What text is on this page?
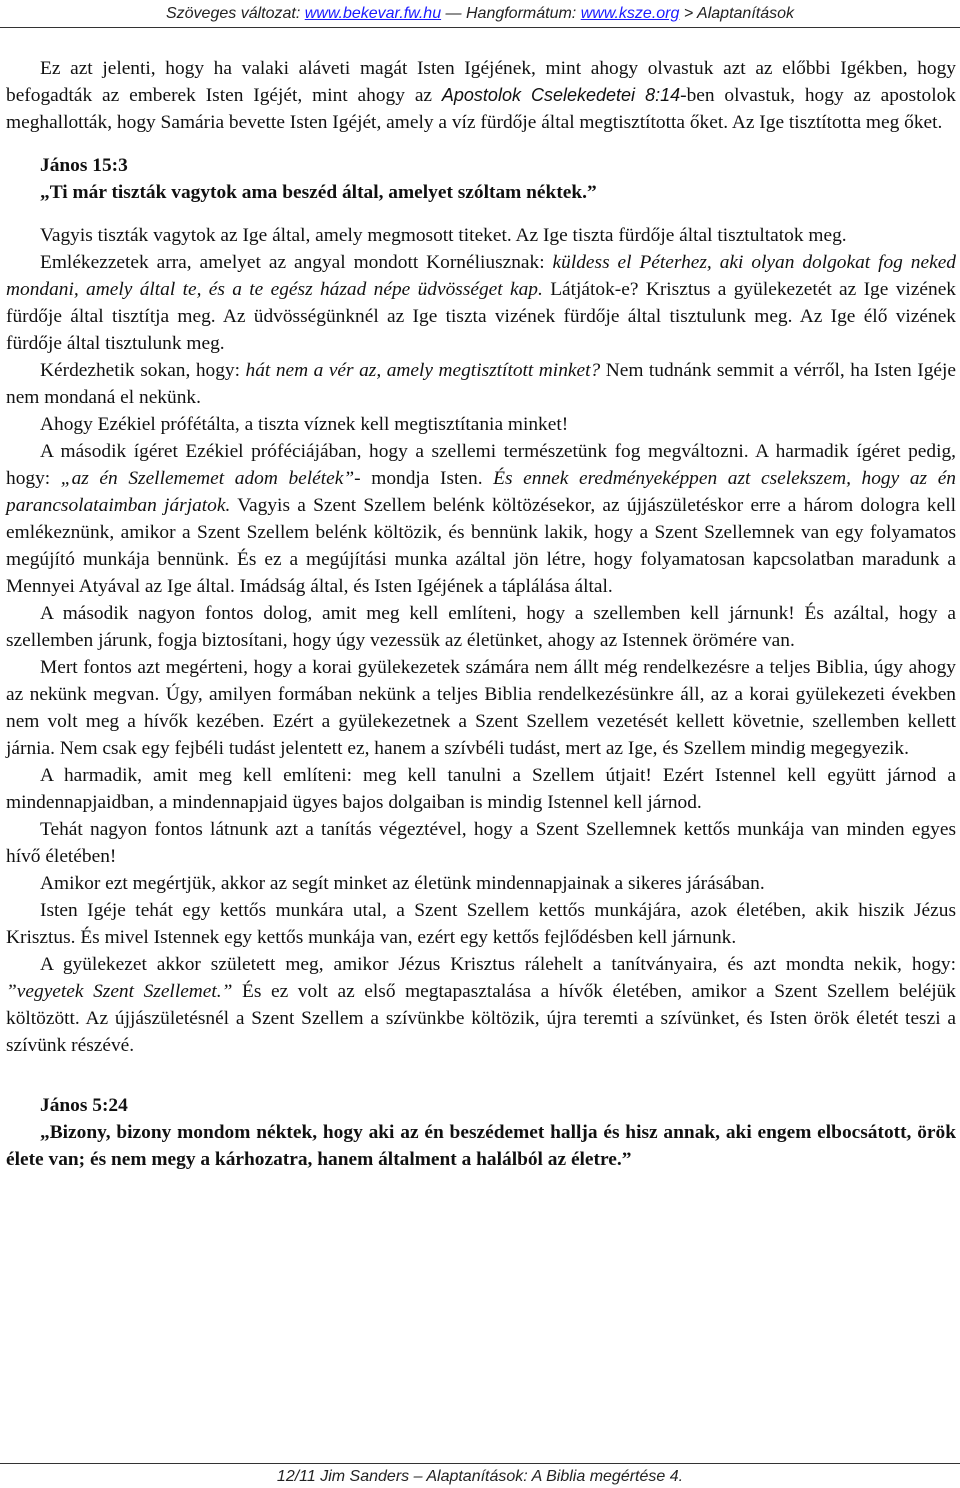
Szöveges változat: www.bekevar.fw.hu — Hangformátum: www.ksze.org > Alaptanítások

Ez azt jelenti, hogy ha valaki aláveti magát Isten Igéjének, mint ahogy olvastuk azt az előbbi Igékben, hogy befogadták az emberek Isten Igéjét, mint ahogy az Apostolok Cselekedetei 8:14-ben olvastuk, hogy az apostolok meghallották, hogy Samária bevette Isten Igéjét, amely a víz fürdője által megtisztította őket. Az Ige tisztította meg őket.

János 15:3

„Ti már tiszták vagytok ama beszéd által, amelyet szóltam néktek.”

Vagyis tiszták vagytok az Ige által, amely megmosott titeket. Az Ige tiszta fürdője által tisztultatok meg.

Emlékezzetek arra, amelyet az angyal mondott Kornéliusznak: küldess el Péterhez, aki olyan dolgokat fog neked mondani, amely által te, és a te egész házad népe üdvösséget kap. Látjátok-e? Krisztus a gyülekezetét az Ige vizének fürdője által tisztítja meg. Az üdvösségünknél az Ige tiszta vizének fürdője által tisztulunk meg. Az Ige élő vizének fürdője által tisztulunk meg.

Kérdezhetik sokan, hogy: hát nem a vér az, amely megtisztított minket? Nem tudnánk semmit a vérről, ha Isten Igéje nem mondaná el nekünk.

Ahogy Ezékiel prófétálta, a tiszta víznek kell megtisztítania minket!

A második ígéret Ezékiel próféciájában, hogy a szellemi természetünk fog megváltozni. A harmadik ígéret pedig, hogy: „az én Szellememet adom belétek”- mondja Isten. És ennek eredményeképpen azt cselekszem, hogy az én parancsolataimban járjatok. Vagyis a Szent Szellem belénk költözésekor, az újjászületéskor erre a három dologra kell emlékeznünk, amikor a Szent Szellem belénk költözik, és bennünk lakik, hogy a Szent Szellemnek van egy folyamatos megújító munkája bennünk. És ez a megújítási munka azáltal jön létre, hogy folyamatosan kapcsolatban maradunk a Mennyei Atyával az Ige által. Imádság által, és Isten Igéjének a táplálása által.

A második nagyon fontos dolog, amit meg kell említeni, hogy a szellemben kell járnunk! És azáltal, hogy a szellemben járunk, fogja biztosítani, hogy úgy vezessük az életünket, ahogy az Istennek örömére van.

Mert fontos azt megérteni, hogy a korai gyülekezetek számára nem állt még rendelkezésre a teljes Biblia, úgy ahogy az nekünk megvan. Úgy, amilyen formában nekünk a teljes Biblia rendelkezésünkre áll, az a korai gyülekezeti években nem volt meg a hívők kezében. Ezért a gyülekezetnek a Szent Szellem vezetését kellett követnie, szellemben kellett járnia. Nem csak egy fejbéli tudást jelentett ez, hanem a szívbéli tudást, mert az Ige, és Szellem mindig megegyezik.

A harmadik, amit meg kell említeni: meg kell tanulni a Szellem útjait! Ezért Istennel kell együtt járnod a mindennapjaidban, a mindennapjaid ügyes bajos dolgaiban is mindig Istennel kell járnod.

Tehát nagyon fontos látnunk azt a tanítás végeztével, hogy a Szent Szellemnek kettős munkája van minden egyes hívő életében!

Amikor ezt megértjük, akkor az segít minket az életünk mindennapjainak a sikeres járásában.

Isten Igéje tehát egy kettős munkára utal, a Szent Szellem kettős munkájára, azok életében, akik hiszik Jézus Krisztus. És mivel Istennek egy kettős munkája van, ezért egy kettős fejlődésben kell járnunk.

A gyülekezet akkor született meg, amikor Jézus Krisztus rálehelt a tanítványaira, és azt mondta nekik, hogy: ”vegyetek Szent Szellemet.” És ez volt az első megtapasztalása a hívők életében, amikor a Szent Szellem beléjük költözött. Az újjászületésnél a Szent Szellem a szívünkbe költözik, újra teremti a szívünket, és Isten örök életét teszi a szívünk részévé.

János 5:24

„Bizony, bizony mondom néktek, hogy aki az én beszédemet hallja és hisz annak, aki engem elbocsátott, örök élete van; és nem megy a kárhozatra, hanem általment a halálból az életre.”

12/11 Jim Sanders – Alaptanítások: A Biblia megértése 4.
